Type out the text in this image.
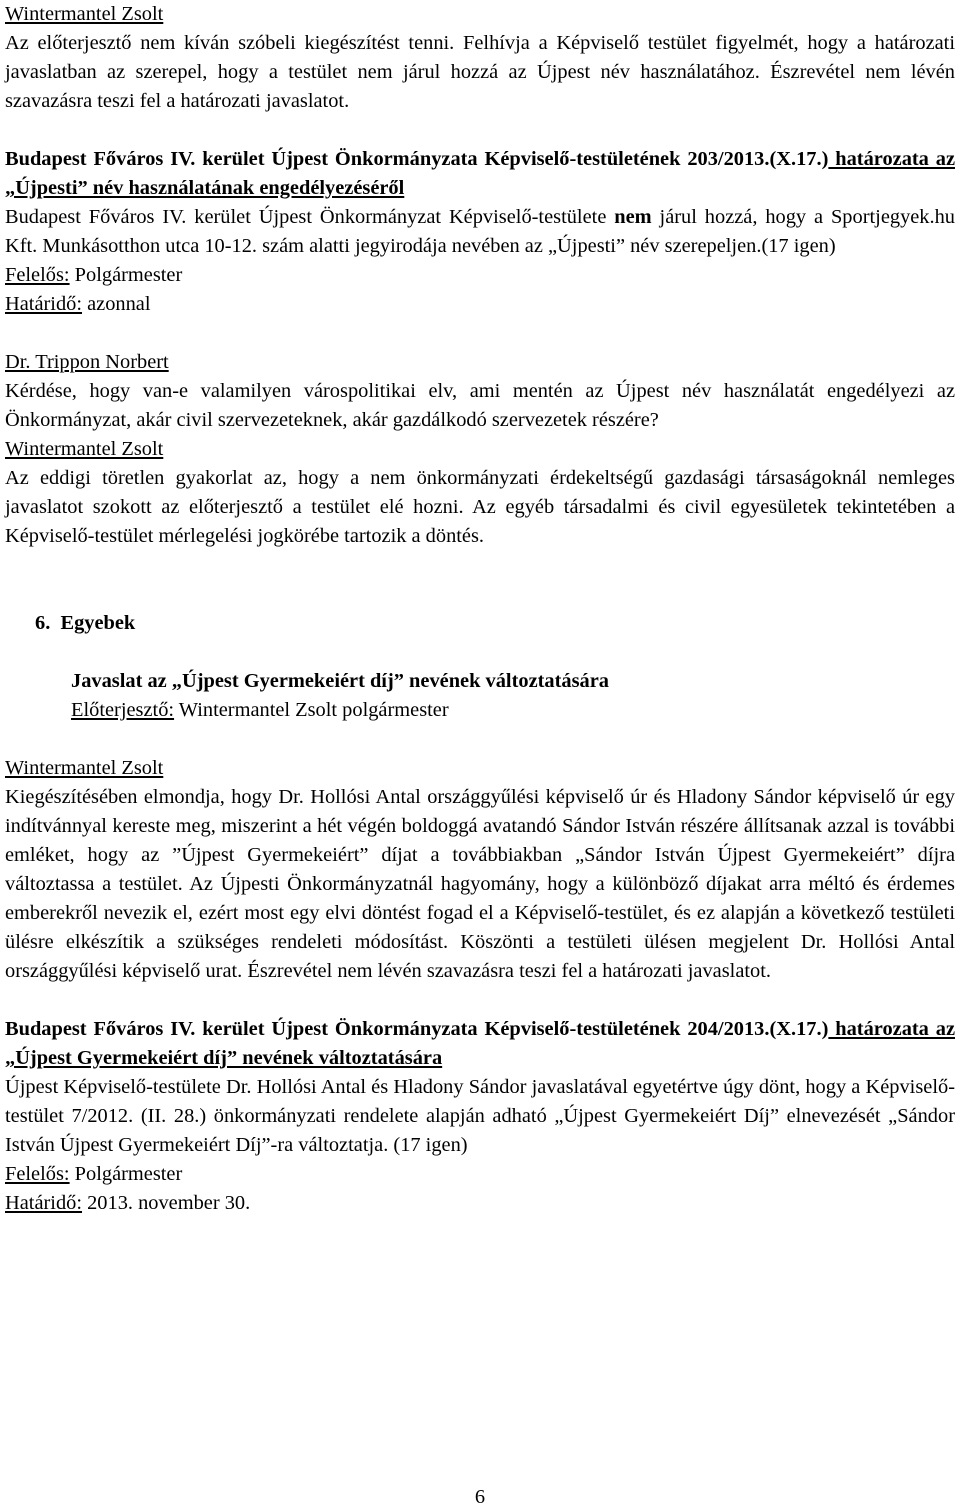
Wintermantel Zsolt

Az előterjesztő nem kíván szóbeli kiegészítést tenni. Felhívja a Képviselő testület figyelmét, hogy a határozati javaslatban az szerepel, hogy a testület nem járul hozzá az Újpest név használatához. Észrevétel nem lévén szavazásra teszi fel a határozati javaslatot.

Budapest Főváros IV. kerület Újpest Önkormányzata Képviselő-testületének 203/2013.(X.17.) határozata az „Újpesti” név használatának engedélyezéséről

Budapest Főváros IV. kerület Újpest Önkormányzat Képviselő-testülete nem járul hozzá, hogy a Sportjegyek.hu Kft. Munkásotthon utca 10-12. szám alatti jegyirodája nevében az „Újpesti” név szerepeljen.(17 igen)

Felelős: Polgármester

Határidő: azonnal

Dr. Trippon Norbert

Kérdése, hogy van-e valamilyen várospolitikai elv, ami mentén az Újpest név használatát engedélyezi az Önkormányzat, akár civil szervezeteknek, akár gazdálkodó szervezetek részére?

Wintermantel Zsolt

Az eddigi töretlen gyakorlat az, hogy a nem önkormányzati érdekeltségű gazdasági társaságoknál nemleges javaslatot szokott az előterjesztő a testület elé hozni. Az egyéb társadalmi és civil egyesületek tekintetében a Képviselő-testület mérlegelési jogkörébe tartozik a döntés.

6. Egyebek

Javaslat az „Újpest Gyermekeiért díj” nevének változtatására

Előterjesztő: Wintermantel Zsolt polgármester

Wintermantel Zsolt

Kiegészítésében elmondja, hogy Dr. Hollósi Antal országgyűlési képviselő úr és Hladony Sándor képviselő úr egy indítvánnyal kereste meg, miszerint a hét végén boldoggá avatandó Sándor István részére állítsanak azzal is további emléket, hogy az ”Újpest Gyermekeiért” díjat a továbbiakban „Sándor István Újpest Gyermekeiért” díjra változtassa a testület. Az Újpesti Önkormányzatnál hagyomány, hogy a különböző díjakat arra méltó és érdemes emberekről nevezik el, ezért most egy elvi döntést fogad el a Képviselő-testület, és ez alapján a következő testületi ülésre elkészítik a szükséges rendeleti módosítást. Köszönti a testületi ülésen megjelent Dr. Hollósi Antal országgyűlési képviselő urat. Észrevétel nem lévén szavazásra teszi fel a határozati javaslatot.

Budapest Főváros IV. kerület Újpest Önkormányzata Képviselő-testületének 204/2013.(X.17.) határozata az „Újpest Gyermekeiért díj” nevének változtatására

Újpest Képviselő-testülete Dr. Hollósi Antal és Hladony Sándor javaslatával egyetértve úgy dönt, hogy a Képviselő-testület 7/2012. (II. 28.) önkormányzati rendelete alapján adható „Újpest Gyermekeiért Díj” elnevezését „Sándor István Újpest Gyermekeiért Díj”-ra változtatja. (17 igen)

Felelős: Polgármester

Határidő: 2013. november 30.

6
